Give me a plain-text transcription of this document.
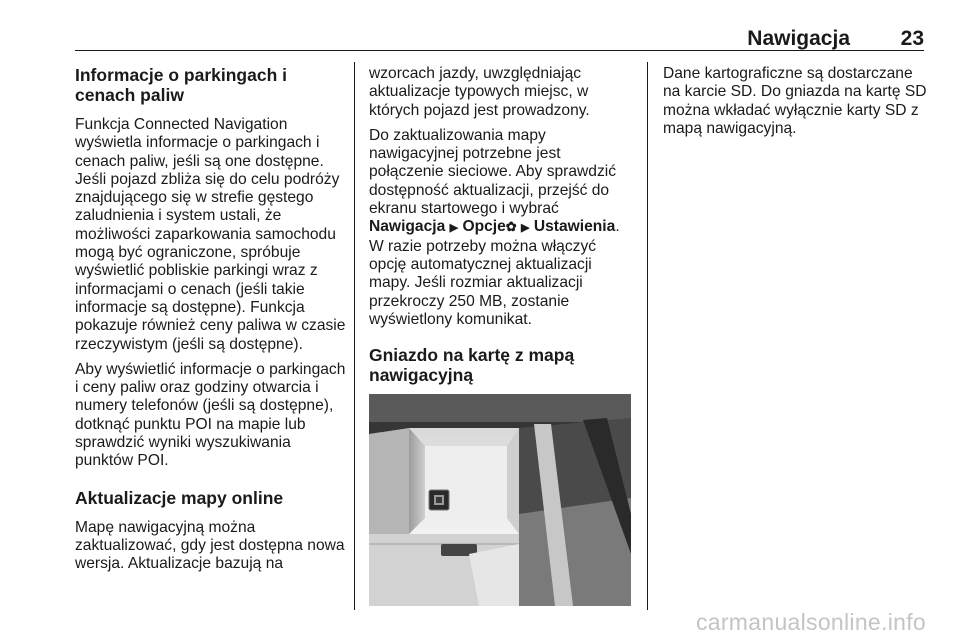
Nawigacja 23
Informacje o parkingach i cenach paliw

Funkcja Connected Navigation wyświetla informacje o parkingach i cenach paliw, jeśli są one dostępne. Jeśli pojazd zbliża się do celu podróży znajdującego się w strefie gęstego zaludnienia i system ustali, że możliwości zaparkowania samochodu mogą być ograniczone, spróbuje wyświetlić pobliskie parkingi wraz z informacjami o cenach (jeśli takie informacje są dostępne). Funkcja pokazuje również ceny paliwa w czasie rzeczywistym (jeśli są dostępne).

Aby wyświetlić informacje o parkingach i ceny paliw oraz godziny otwarcia i numery telefonów (jeśli są dostępne), dotknąć punktu POI na mapie lub sprawdzić wyniki wyszukiwania punktów POI.

Aktualizacje mapy online

Mapę nawigacyjną można zaktualizować, gdy jest dostępna nowa wersja. Aktualizacje bazują na

wzorcach jazdy, uwzględniając aktualizacje typowych miejsc, w których pojazd jest prowadzony.

Do zaktualizowania mapy nawigacyjnej potrzebne jest połączenie sieciowe. Aby sprawdzić dostępność aktualizacji, przejść do ekranu startowego i wybrać Nawigacja ▶ Opcje✿ ▶ Ustawienia. W razie potrzeby można włączyć opcję automatycznej aktualizacji mapy. Jeśli rozmiar aktualizacji przekroczy 250 MB, zostanie wyświetlony komunikat.

Gniazdo na kartę z mapą nawigacyjną

Dane kartograficzne są dostarczane na karcie SD. Do gniazda na kartę SD można wkładać wyłącznie karty SD z mapą nawigacyjną.

carmanualsonline.info
